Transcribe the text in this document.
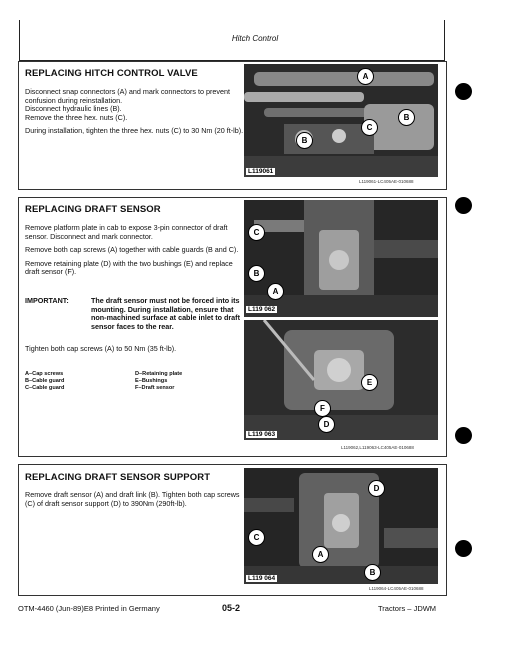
Hitch Control
REPLACING HITCH CONTROL VALVE
Disconnect snap connectors (A) and mark connectors to prevent confusion during reinstallation.
Disconnect hydraulic lines (B).
Remove the three hex. nuts (C).
During installation, tighten the three hex. nuts (C) to 30 Nm (20 ft-lb).
A
B
B
C
L119061
L119061-LC405AE-010688
REPLACING DRAFT SENSOR

Remove platform plate in cab to expose 3-pin connector of draft sensor. Disconnect and mark connector.

Remove both cap screws (A) together with cable guards (B and C).

Remove retaining plate (D) with the two bushings (E) and replace draft sensor (F).

IMPORTANT:	The draft sensor must not be forced into its mounting. During installation, ensure that non-machined surface at cable inlet to draft sensor faces to the rear.
Tighten both cap screws (A) to 50 Nm (35 ft-lb).
A–Cap screws
B–Cable guard
C–Cable guard
D–Retaining plate
E–Bushings
F–Draft sensor
C
B
A
L119 062
E
F
D
L119 063
L119062,L119063-LC405AE-010688
REPLACING DRAFT SENSOR SUPPORT
Remove draft sensor (A) and draft link (B). Tighten both cap screws (C) of draft sensor support (D) to 390Nm (290ft-lb).
D
C
A
B
L119 064
L119064-LC405AE-010688
OTM-4460 (Jun-89)E8 Printed in Germany	05-2	Tractors – JDWM
